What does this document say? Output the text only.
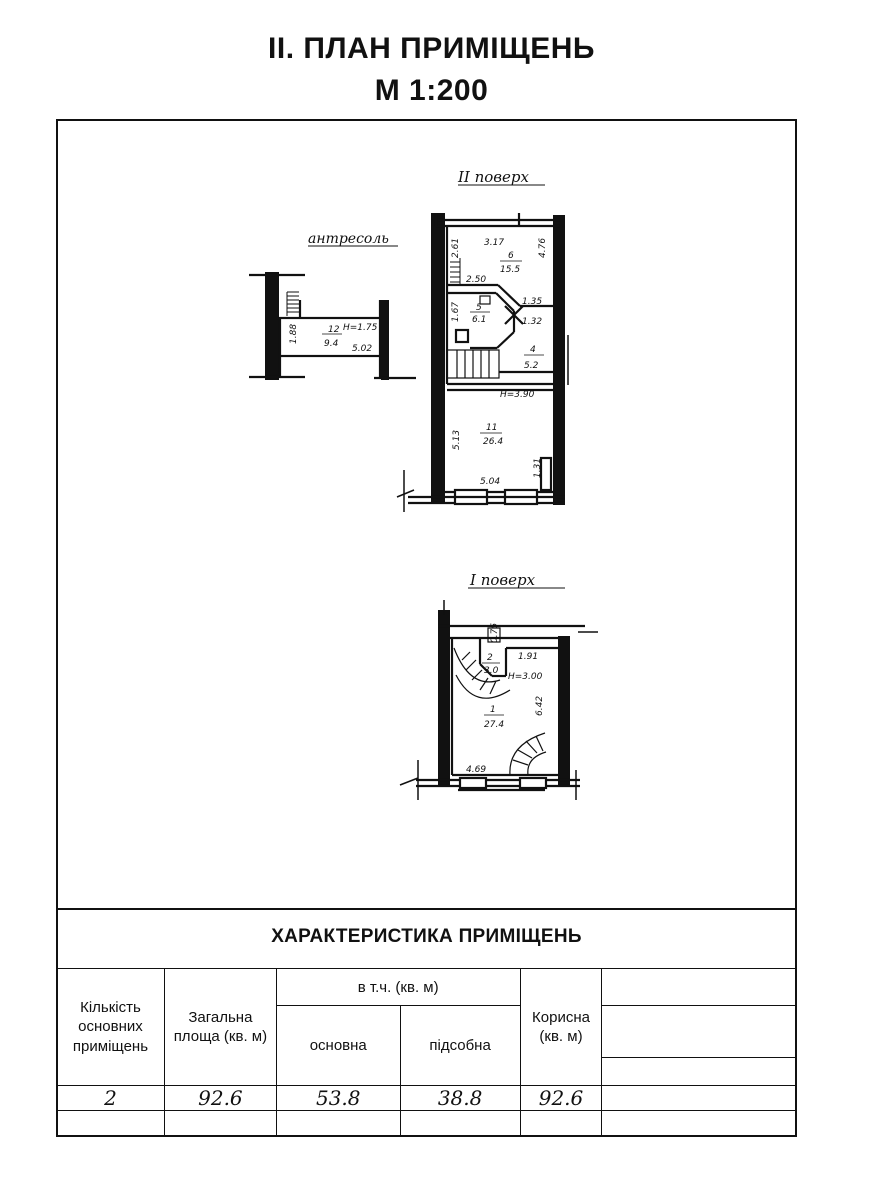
II. ПЛАН ПРИМІЩЕНЬ
М 1:200
II поверх
антресоль
I поверх
12
9.4
H=1.75
1.88
5.02
3.17
2.61	4.76
6
15.5
2.50
1.67 5
6.1
1.35
1.32
4
5.2
H=3.90
5.13
11
26.4
5.04
1.31
0.75
2
3.0
1.91
H=3.00
6.42
1
27.4
4.69
ХАРАКТЕРИСТИКА ПРИМІЩЕНЬ
Кількість основних приміщень	Загальна площа (кв. м)	в т.ч. (кв. м)		Корисна (кв. м)	
		основна	підсобна		

2	92.6	53.8	38.8	92.6	
